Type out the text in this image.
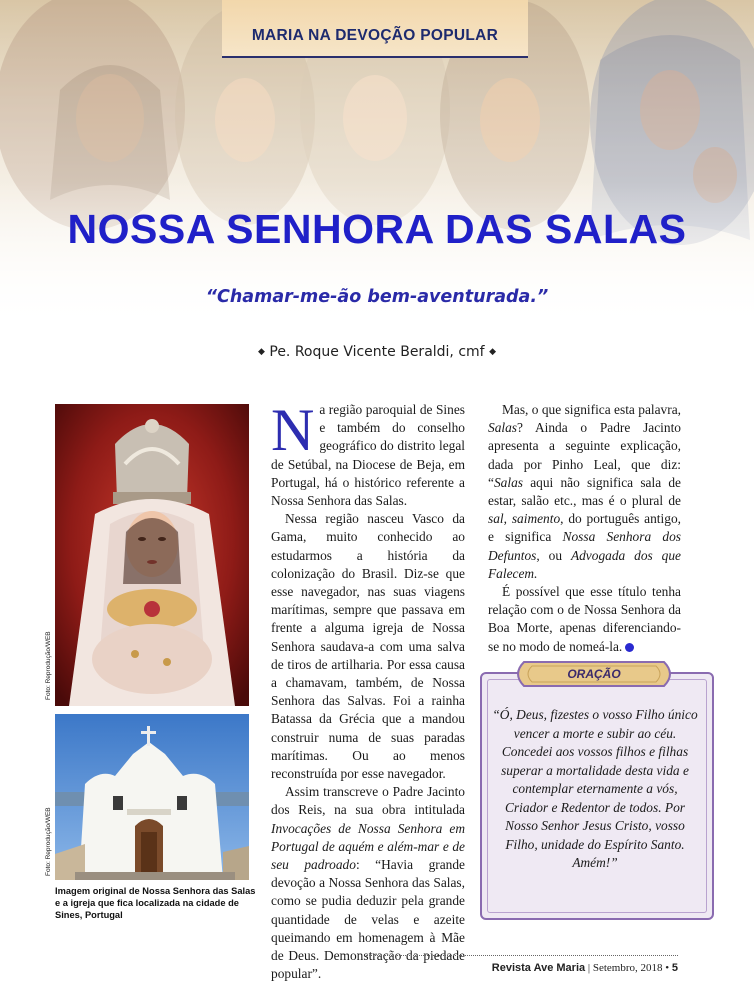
MARIA NA DEVOÇÃO POPULAR
NOSSA SENHORA DAS SALAS
“Chamar-me-ão bem-aventurada.”
◆ Pe. Roque Vicente Beraldi, cmf ◆
Foto: Reprodução/WEB
Foto: Reprodução/WEB
Imagem original de Nossa Senhora das Salas e a igreja que fica localizada na cidade de Sines, Portugal

Na região paroquial de Sines e também do conselho geográfico do distrito legal de Setúbal, na Diocese de Beja, em Portugal, há o histórico referente a Nossa Senhora das Salas.

Nessa região nasceu Vasco da Gama, muito conhecido ao estudarmos a história da colonização do Brasil. Diz-se que esse navegador, nas suas viagens marítimas, sempre que passava em frente a alguma igreja de Nossa Senhora saudava-a com uma salva de tiros de artilharia. Por essa causa a chamavam, também, de Nossa Senhora das Salvas. Foi a rainha Batassa da Grécia que a mandou construir numa de suas paradas marítimas. Ou ao menos reconstruída por esse navegador.

Assim transcreve o Padre Jacinto dos Reis, na sua obra intitulada Invocações de Nossa Senhora em Portugal de aquém e além-mar e de seu padroado: “Havia grande devoção a Nossa Senhora das Salas, como se pudia deduzir pela grande quantidade de velas e azeite queimando em homenagem à Mãe de Deus. Demonstração da piedade popular”.

Mas, o que significa esta palavra, Salas? Ainda o Padre Jacinto apresenta a seguinte explicação, dada por Pinho Leal, que diz: “Salas aqui não significa sala de estar, salão etc., mas é o plural de sal, saimento, do português antigo, e significa Nossa Senhora dos Defuntos, ou Advogada dos que Falecem.

É possível que esse título tenha relação com o de Nossa Senhora da Boa Morte, apenas diferenciando-se no modo de nomeá-la.

ORAÇÃO
“Ó, Deus, fizestes o vosso Filho único vencer a morte e subir ao céu. Concedei aos vossos filhos e filhas superar a mortalidade desta vida e contemplar eternamente a vós, Criador e Redentor de todos. Por Nosso Senhor Jesus Cristo, vosso Filho, unidade do Espírito Santo. Amém!”
Revista Ave Maria | Setembro, 2018 • 5
